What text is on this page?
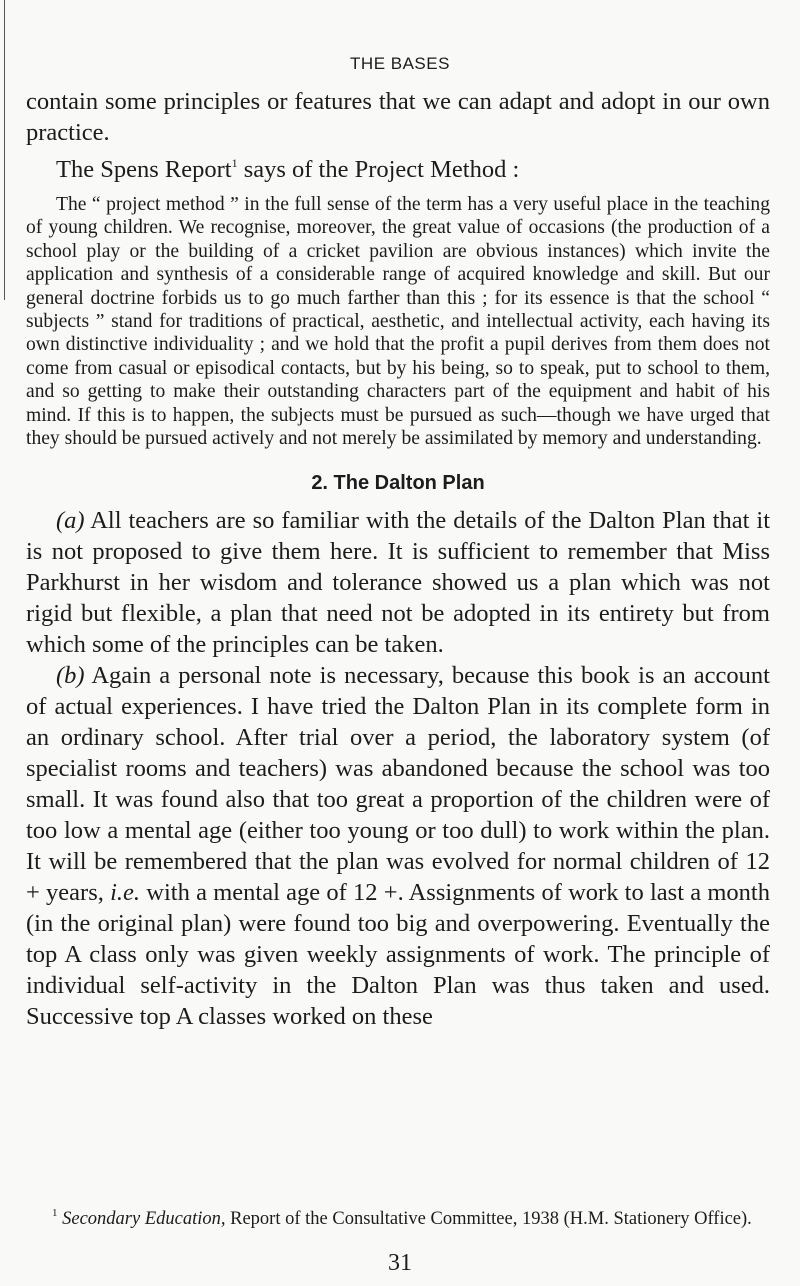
THE BASES

contain some principles or features that we can adapt and adopt in our own practice.

The Spens Report$^1$ says of the Project Method :

The “ project method ” in the full sense of the term has a very useful place in the teaching of young children. We recognise, moreover, the great value of occasions (the production of a school play or the building of a cricket pavilion are obvious instances) which invite the application and synthesis of a considerable range of acquired knowledge and skill. But our general doctrine forbids us to go much farther than this ; for its essence is that the school “ subjects ” stand for traditions of practical, aesthetic, and intellectual activity, each having its own distinctive individuality ; and we hold that the profit a pupil derives from them does not come from casual or episodical contacts, but by his being, so to speak, put to school to them, and so getting to make their outstanding characters part of the equipment and habit of his mind. If this is to happen, the subjects must be pursued as such—though we have urged that they should be pursued actively and not merely be assimilated by memory and understanding.

2. The Dalton Plan

(a) All teachers are so familiar with the details of the Dalton Plan that it is not proposed to give them here. It is sufficient to remember that Miss Parkhurst in her wisdom and tolerance showed us a plan which was not rigid but flexible, a plan that need not be adopted in its entirety but from which some of the principles can be taken.

(b) Again a personal note is necessary, because this book is an account of actual experiences. I have tried the Dalton Plan in its complete form in an ordinary school. After trial over a period, the laboratory system (of specialist rooms and teachers) was abandoned because the school was too small. It was found also that too great a proportion of the children were of too low a mental age (either too young or too dull) to work within the plan. It will be remembered that the plan was evolved for normal children of 12 + years, i.e. with a mental age of 12 +. Assignments of work to last a month (in the original plan) were found too big and overpowering. Eventually the top A class only was given weekly assignments of work. The principle of individual self-activity in the Dalton Plan was thus taken and used. Successive top A classes worked on these

$^1$ Secondary Education, Report of the Consultative Committee, 1938 (H.M. Stationery Office).

31
